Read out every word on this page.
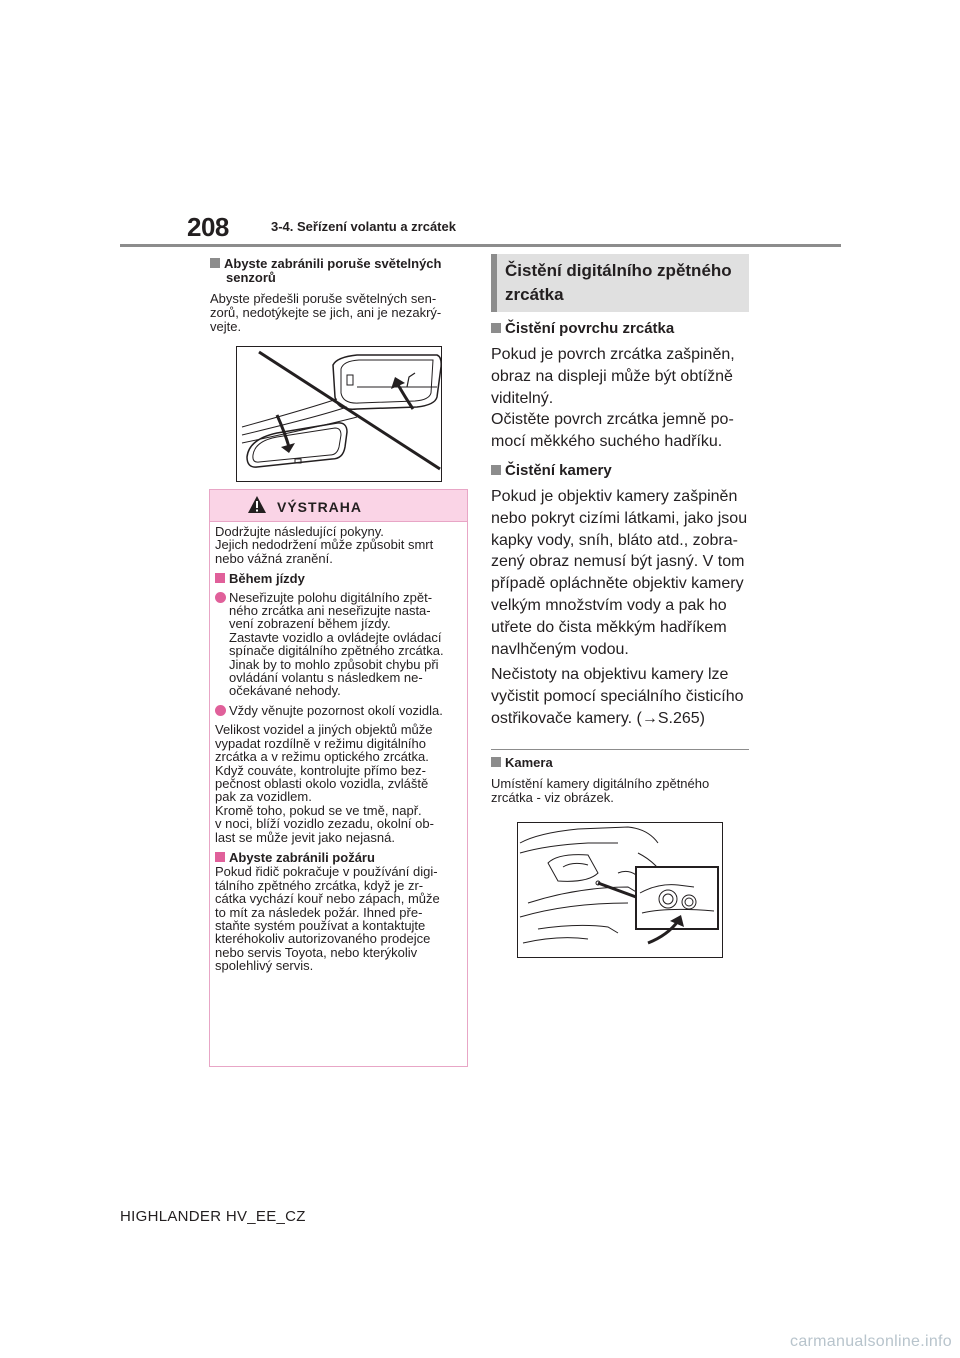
208	3-4. Seřízení volantu a zrcátek
Abyste zabránili poruše světelných
senzorů
Abyste předešli poruše světelných sen-
zorů, nedotýkejte se jich, ani je nezakrý-
vejte.
VÝSTRAHA

Dodržujte následující pokyny.
Jejich nedodržení může způsobit smrt
nebo vážná zranění.

Během jízdy

Neseřizujte polohu digitálního zpět-
ného zrcátka ani neseřizujte nasta-
vení zobrazení během jízdy.
Zastavte vozidlo a ovládejte ovládací
spínače digitálního zpětného zrcátka.
Jinak by to mohlo způsobit chybu při
ovládání volantu s následkem ne-
očekávané nehody.

Vždy věnujte pozornost okolí vozidla.

Velikost vozidel a jiných objektů může
vypadat rozdílně v režimu digitálního
zrcátka a v režimu optického zrcátka.
Když couváte, kontrolujte přímo bez-
pečnost oblasti okolo vozidla, zvláště
pak za vozidlem.
Kromě toho, pokud se ve tmě, např.
v noci, blíží vozidlo zezadu, okolní ob-
last se může jevit jako nejasná.

Abyste zabránili požáru

Pokud řidič pokračuje v používání digi-
tálního zpětného zrcátka, když je zr-
cátka vychází kouř nebo zápach, může
to mít za následek požár. Ihned pře-
staňte systém používat a kontaktujte
kteréhokoliv autorizovaného prodejce
nebo servis Toyota, nebo kterýkoliv
spolehlivý servis.

Čistění digitálního zpětného
zrcátka
Čistění povrchu zrcátka
Pokud je povrch zrcátka zašpiněn,
obraz na displeji může být obtížně
viditelný.
Očistěte povrch zrcátka jemně po-
mocí měkkého suchého hadříku.
Čistění kamery
Pokud je objektiv kamery zašpiněn
nebo pokryt cizími látkami, jako jsou
kapky vody, sníh, bláto atd., zobra-
zený obraz nemusí být jasný. V tom
případě opláchněte objektiv kamery
velkým množstvím vody a pak ho
utřete do čista měkkým hadříkem
navlhčeným vodou.
Nečistoty na objektivu kamery lze
vyčistit pomocí speciálního čisticího
ostřikovače kamery. (→S.265)
Kamera
Umístění kamery digitálního zpětného
zrcátka - viz obrázek.
HIGHLANDER HV_EE_CZ
carmanualsonline.info
